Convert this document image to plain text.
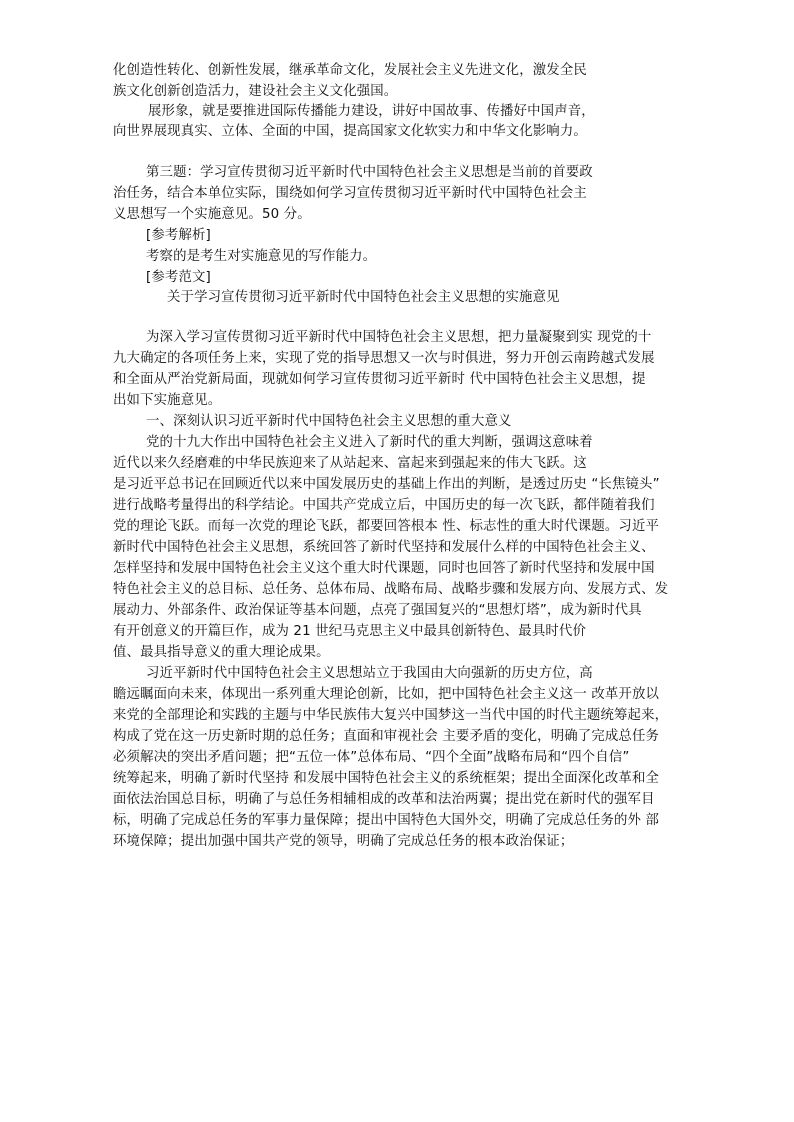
化创造性转化、创新性发展，继承革命文化，发展社会主义先进文化，激发全民
族文化创新创造活力，建设社会主义文化强国。
展形象，就是要推进国际传播能力建设，讲好中国故事、传播好中国声音，
向世界展现真实、立体、全面的中国，提高国家文化软实力和中华文化影响力。
第三题：学习宣传贯彻习近平新时代中国特色社会主义思想是当前的首要政
治任务，结合本单位实际，围绕如何学习宣传贯彻习近平新时代中国特色社会主
义思想写一个实施意见。50 分。
[参考解析]
考察的是考生对实施意见的写作能力。
[参考范文]
关于学习宣传贯彻习近平新时代中国特色社会主义思想的实施意见
为深入学习宣传贯彻习近平新时代中国特色社会主义思想，把力量凝聚到实 现党的十
九大确定的各项任务上来，实现了党的指导思想又一次与时俱进，努力开创云南跨越式发展
和全面从严治党新局面，现就如何学习宣传贯彻习近平新时 代中国特色社会主义思想，提
出如下实施意见。
一、深刻认识习近平新时代中国特色社会主义思想的重大意义
党的十九大作出中国特色社会主义进入了新时代的重大判断，强调这意味着
近代以来久经磨难的中华民族迎来了从站起来、富起来到强起来的伟大飞跃。这
是习近平总书记在回顾近代以来中国发展历史的基础上作出的判断，是透过历史 “长焦镜头”
进行战略考量得出的科学结论。中国共产党成立后，中国历史的每一次飞跃，都伴随着我们
党的理论飞跃。而每一次党的理论飞跃，都要回答根本 性、标志性的重大时代课题。习近平
新时代中国特色社会主义思想，系统回答了新时代坚持和发展什么样的中国特色社会主义、
怎样坚持和发展中国特色社会主义这个重大时代课题，同时也回答了新时代坚持和发展中国
特色社会主义的总目标、总任务、总体布局、战略布局、战略步骤和发展方向、发展方式、发
展动力、外部条件、政治保证等基本问题，点亮了强国复兴的“思想灯塔”，成为新时代具
有开创意义的开篇巨作，成为 21 世纪马克思主义中最具创新特色、最具时代价
值、最具指导意义的重大理论成果。
习近平新时代中国特色社会主义思想站立于我国由大向强新的历史方位，高
瞻远瞩面向未来，体现出一系列重大理论创新，比如，把中国特色社会主义这一 改革开放以
来党的全部理论和实践的主题与中华民族伟大复兴中国梦这一当代中国的时代主题统筹起来，
构成了党在这一历史新时期的总任务；直面和审视社会 主要矛盾的变化，明确了完成总任务
必须解决的突出矛盾问题；把“五位一体”总体布局、“四个全面”战略布局和“四个自信”
统筹起来，明确了新时代坚持 和发展中国特色社会主义的系统框架；提出全面深化改革和全
面依法治国总目标，明确了与总任务相辅相成的改革和法治两翼；提出党在新时代的强军目
标，明确了完成总任务的军事力量保障；提出中国特色大国外交，明确了完成总任务的外 部
环境保障；提出加强中国共产党的领导，明确了完成总任务的根本政治保证；
